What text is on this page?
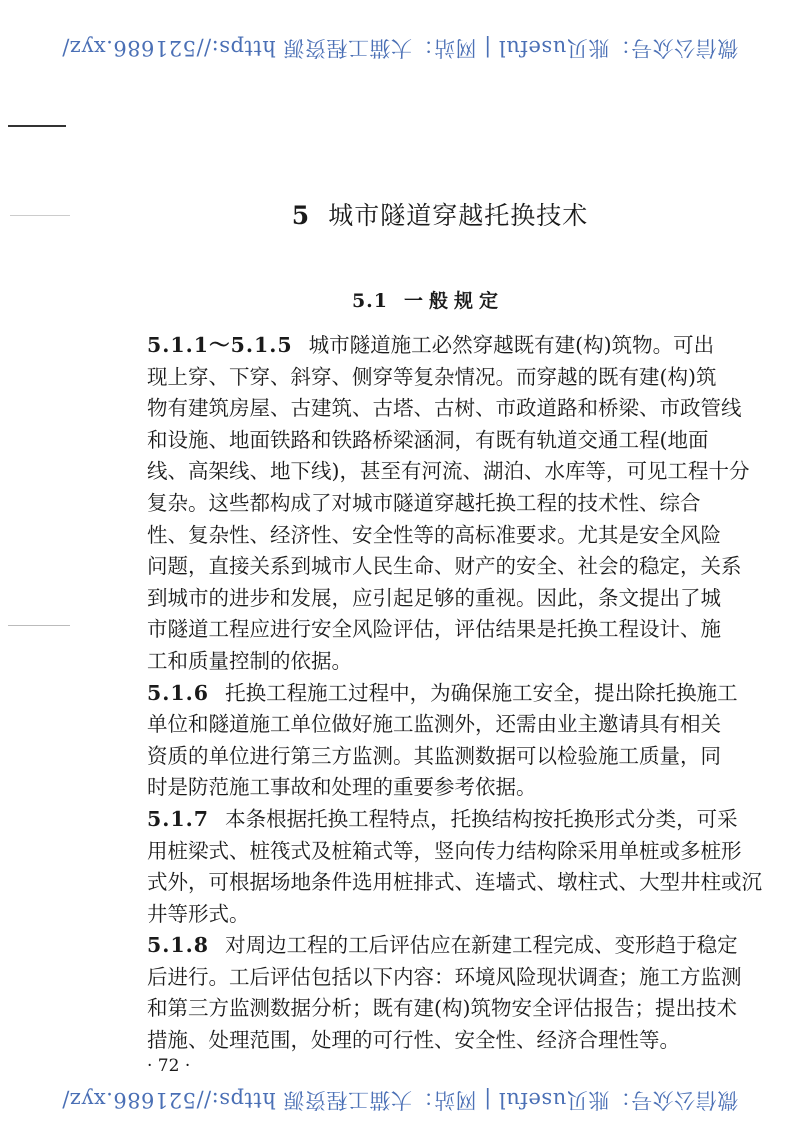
微信公众号：账贝useful | 网站：大猫工程资源 https://521686.xyz/
5 城市隧道穿越托换技术
5.1 一般规定
5.1.1～5.1.5 城市隧道施工必然穿越既有建(构)筑物。可出
现上穿、下穿、斜穿、侧穿等复杂情况。而穿越的既有建(构)筑
物有建筑房屋、古建筑、古塔、古树、市政道路和桥梁、市政管线
和设施、地面铁路和铁路桥梁涵洞，有既有轨道交通工程(地面
线、高架线、地下线)，甚至有河流、湖泊、水库等，可见工程十分
复杂。这些都构成了对城市隧道穿越托换工程的技术性、综合
性、复杂性、经济性、安全性等的高标准要求。尤其是安全风险
问题，直接关系到城市人民生命、财产的安全、社会的稳定，关系
到城市的进步和发展，应引起足够的重视。因此，条文提出了城
市隧道工程应进行安全风险评估，评估结果是托换工程设计、施
工和质量控制的依据。
5.1.6 托换工程施工过程中，为确保施工安全，提出除托换施工
单位和隧道施工单位做好施工监测外，还需由业主邀请具有相关
资质的单位进行第三方监测。其监测数据可以检验施工质量，同
时是防范施工事故和处理的重要参考依据。
5.1.7 本条根据托换工程特点，托换结构按托换形式分类，可采
用桩梁式、桩筏式及桩箱式等，竖向传力结构除采用单桩或多桩形
式外，可根据场地条件选用桩排式、连墙式、墩柱式、大型井柱或沉
井等形式。
5.1.8 对周边工程的工后评估应在新建工程完成、变形趋于稳定
后进行。工后评估包括以下内容：环境风险现状调查；施工方监测
和第三方监测数据分析；既有建(构)筑物安全评估报告；提出技术
措施、处理范围，处理的可行性、安全性、经济合理性等。
· 72 ·
微信公众号：账贝useful | 网站：大猫工程资源 https://521686.xyz/
